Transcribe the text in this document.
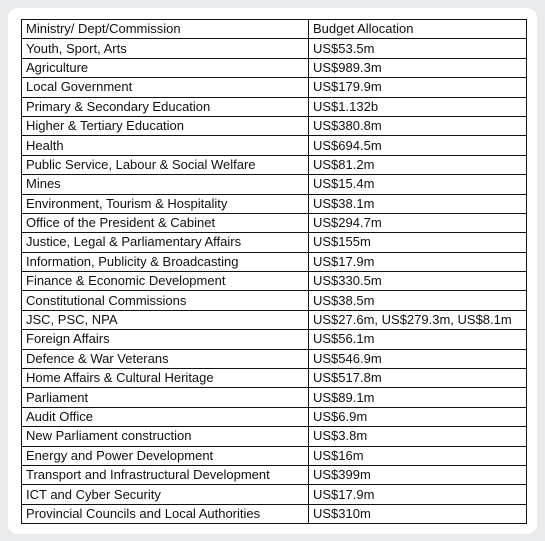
Ministry/ Dept/Commission	Budget Allocation
Youth, Sport, Arts	US$53.5m
Agriculture	US$989.3m
Local Government	US$179.9m
Primary & Secondary Education	US$1.132b
Higher & Tertiary Education	US$380.8m
Health	US$694.5m
Public Service, Labour & Social Welfare	US$81.2m
Mines	US$15.4m
Environment, Tourism & Hospitality	US$38.1m
Office of the President & Cabinet	US$294.7m
Justice, Legal & Parliamentary Affairs	US$155m
Information, Publicity & Broadcasting	US$17.9m
Finance & Economic Development	US$330.5m
Constitutional Commissions	US$38.5m
JSC, PSC, NPA	US$27.6m, US$279.3m, US$8.1m
Foreign Affairs	US$56.1m
Defence & War Veterans	US$546.9m
Home Affairs & Cultural Heritage	US$517.8m
Parliament	US$89.1m
Audit Office	US$6.9m
New Parliament construction	US$3.8m
Energy and Power Development	US$16m
Transport and Infrastructural Development	US$399m
ICT and Cyber Security	US$17.9m
Provincial Councils and Local Authorities	US$310m
